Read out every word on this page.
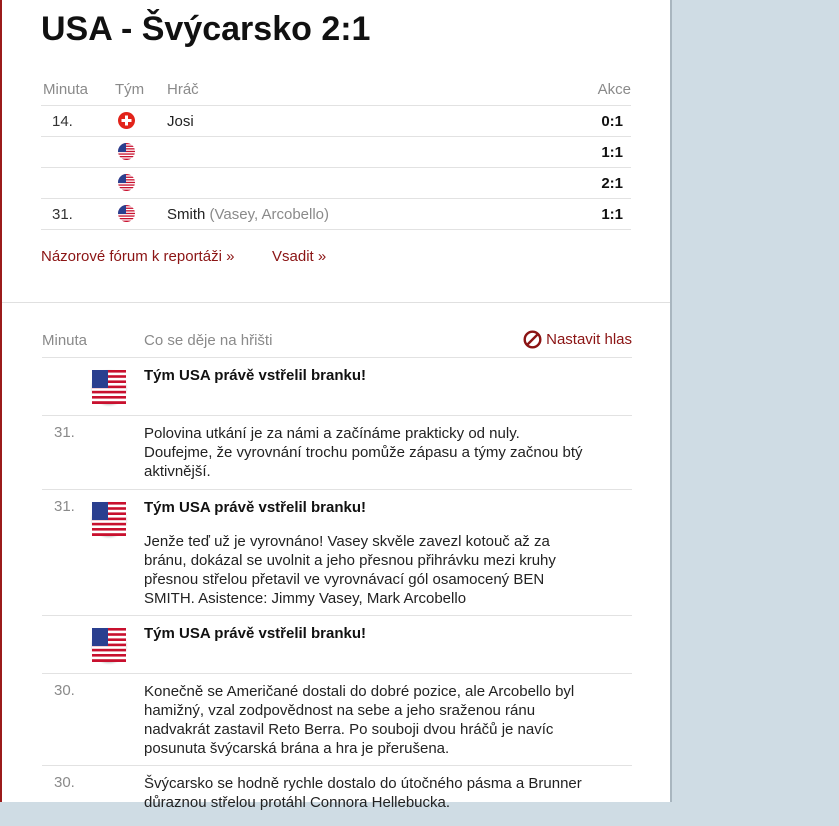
USA - Švýcarsko 2:1
Minuta Tým Hráč	Akce
14.	Josi	0:1
1:1
2:1
31.	Smith (Vasey, Arcobello)	1:1
Názorové fórum k reportáži »	Vsadit »
Minuta	Co se děje na hřišti	Nastavit hlas
Tým USA právě vstřelil branku!
31.	Polovina utkání je za námi a začínáme prakticky od nuly. Doufejme, že vyrovnání trochu pomůže zápasu a týmy začnou btý aktivnější.
31.	Tým USA právě vstřelil branku!
Jenže teď už je vyrovnáno! Vasey skvěle zavezl kotouč až za bránu, dokázal se uvolnit a jeho přesnou přihrávku mezi kruhy přesnou střelou přetavil ve vyrovnávací gól osamocený BEN SMITH. Asistence: Jimmy Vasey, Mark Arcobello
Tým USA právě vstřelil branku!
30.	Konečně se Američané dostali do dobré pozice, ale Arcobello byl hamižný, vzal zodpovědnost na sebe a jeho sraženou ránu nadvakrát zastavil Reto Berra. Po souboji dvou hráčů je navíc posunuta švýcarská brána a hra je přerušena.
30.	Švýcarsko se hodně rychle dostalo do útočného pásma a Brunner důraznou střelou protáhl Connora Hellebucka.
